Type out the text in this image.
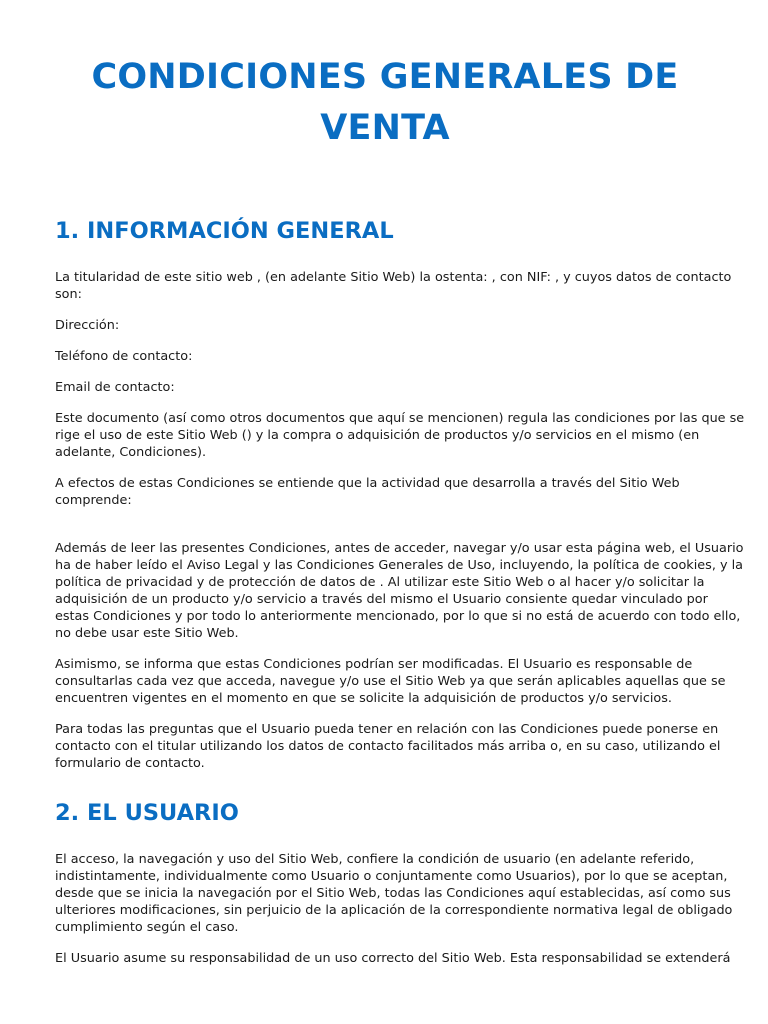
CONDICIONES GENERALES DE
VENTA
1. INFORMACIÓN GENERAL

La titularidad de este sitio web , (en adelante Sitio Web) la ostenta: , con NIF: , y cuyos datos de contacto
son:

Dirección:

Teléfono de contacto:

Email de contacto:

Este documento (así como otros documentos que aquí se mencionen) regula las condiciones por las que se
rige el uso de este Sitio Web () y la compra o adquisición de productos y/o servicios en el mismo (en
adelante, Condiciones).

A efectos de estas Condiciones se entiende que la actividad que desarrolla a través del Sitio Web
comprende:

Además de leer las presentes Condiciones, antes de acceder, navegar y/o usar esta página web, el Usuario
ha de haber leído el Aviso Legal y las Condiciones Generales de Uso, incluyendo, la política de cookies, y la
política de privacidad y de protección de datos de . Al utilizar este Sitio Web o al hacer y/o solicitar la
adquisición de un producto y/o servicio a través del mismo el Usuario consiente quedar vinculado por
estas Condiciones y por todo lo anteriormente mencionado, por lo que si no está de acuerdo con todo ello,
no debe usar este Sitio Web.

Asimismo, se informa que estas Condiciones podrían ser modificadas. El Usuario es responsable de
consultarlas cada vez que acceda, navegue y/o use el Sitio Web ya que serán aplicables aquellas que se
encuentren vigentes en el momento en que se solicite la adquisición de productos y/o servicios.

Para todas las preguntas que el Usuario pueda tener en relación con las Condiciones puede ponerse en
contacto con el titular utilizando los datos de contacto facilitados más arriba o, en su caso, utilizando el
formulario de contacto.

2. EL USUARIO

El acceso, la navegación y uso del Sitio Web, confiere la condición de usuario (en adelante referido,
indistintamente, individualmente como Usuario o conjuntamente como Usuarios), por lo que se aceptan,
desde que se inicia la navegación por el Sitio Web, todas las Condiciones aquí establecidas, así como sus
ulteriores modificaciones, sin perjuicio de la aplicación de la correspondiente normativa legal de obligado
cumplimiento según el caso.

El Usuario asume su responsabilidad de un uso correcto del Sitio Web. Esta responsabilidad se extenderá
